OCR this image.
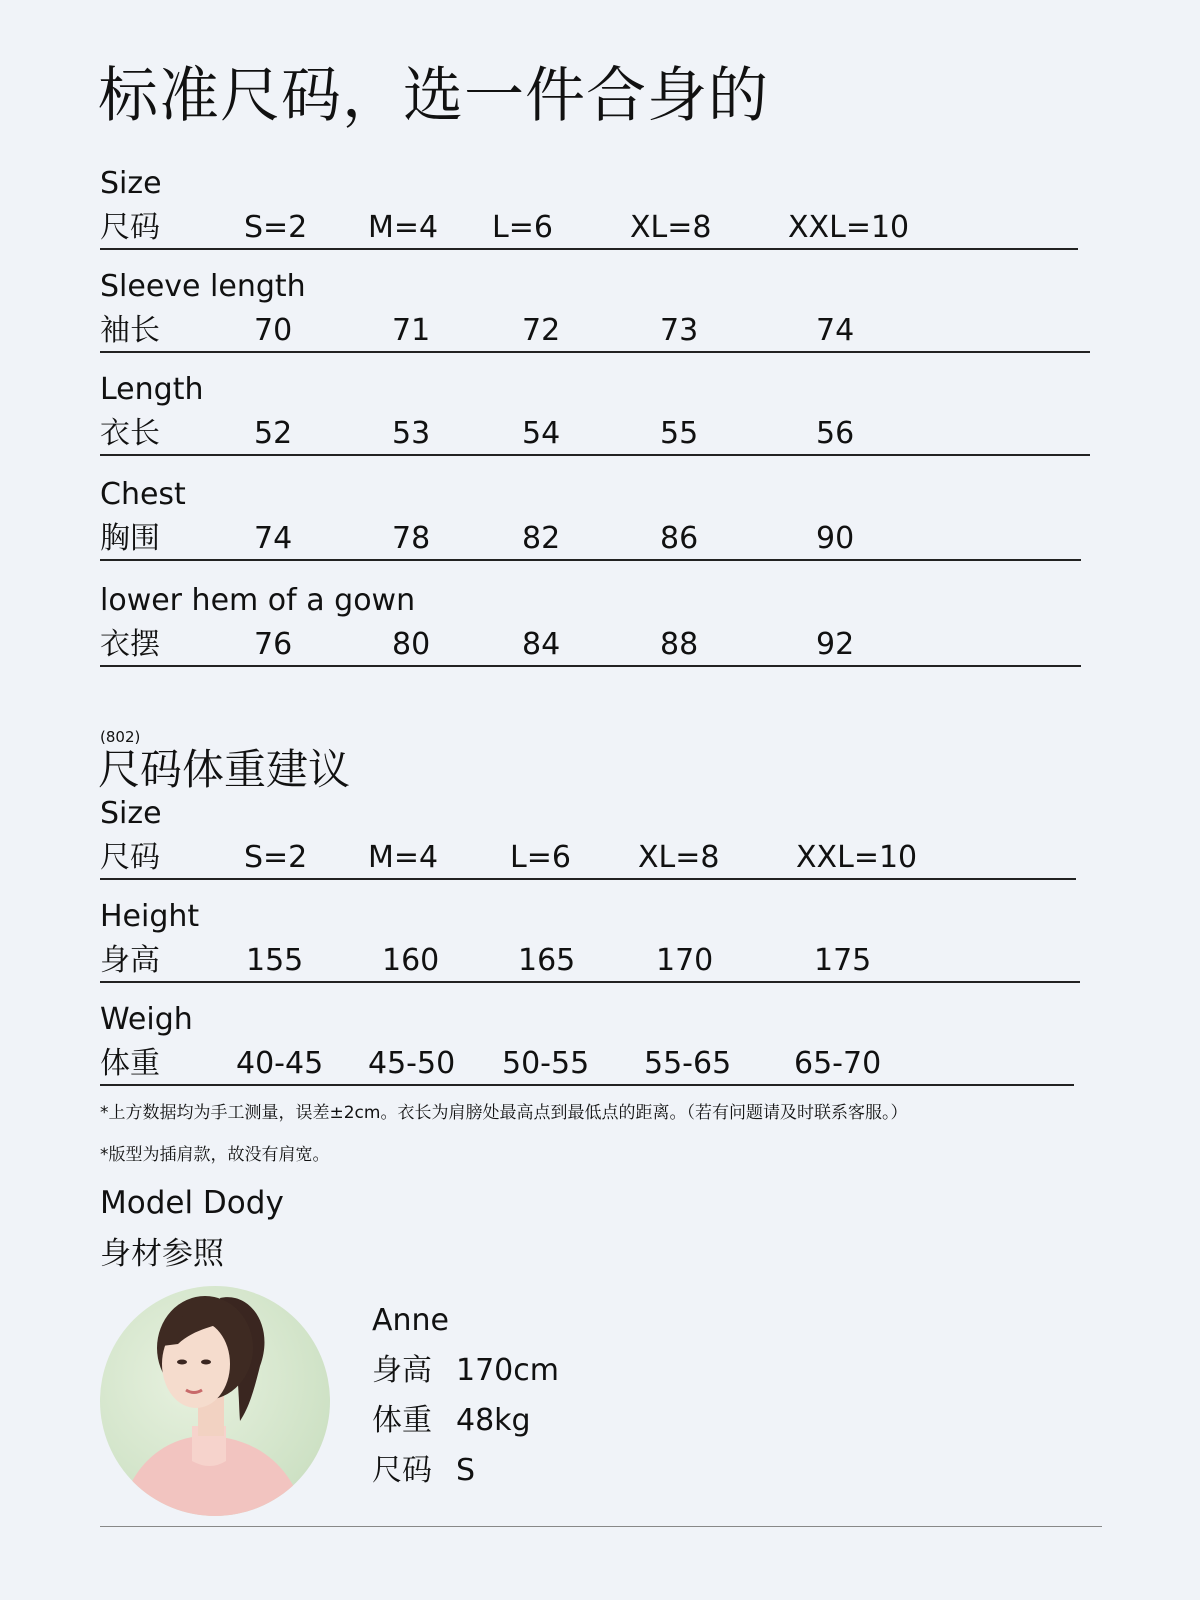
标准尺码，选一件合身的
Size
尺码	S=2 M=4 L=6	XL=8	XXL=10
Sleeve length
袖长	70	71	72	73	74
Length
衣长	52	53	54	55	56
Chest
胸围	74	78	82	86	90
lower hem of a gown
衣摆	76	80	84	88	92
(802)
尺码体重建议
Size
尺码	S=2 M=4 L=6 XL=8	XXL=10
Height
身高	155	160	165	170	175
Weigh
体重	40-45 45-50 50-55 55-65 65-70
*上方数据均为手工测量，误差±2cm。衣长为肩膀处最高点到最低点的距离。（若有问题请及时联系客服。）
*版型为插肩款，故没有肩宽。
Model Dody
身材参照
Anne
身高 170cm
体重 48kg
尺码 S
